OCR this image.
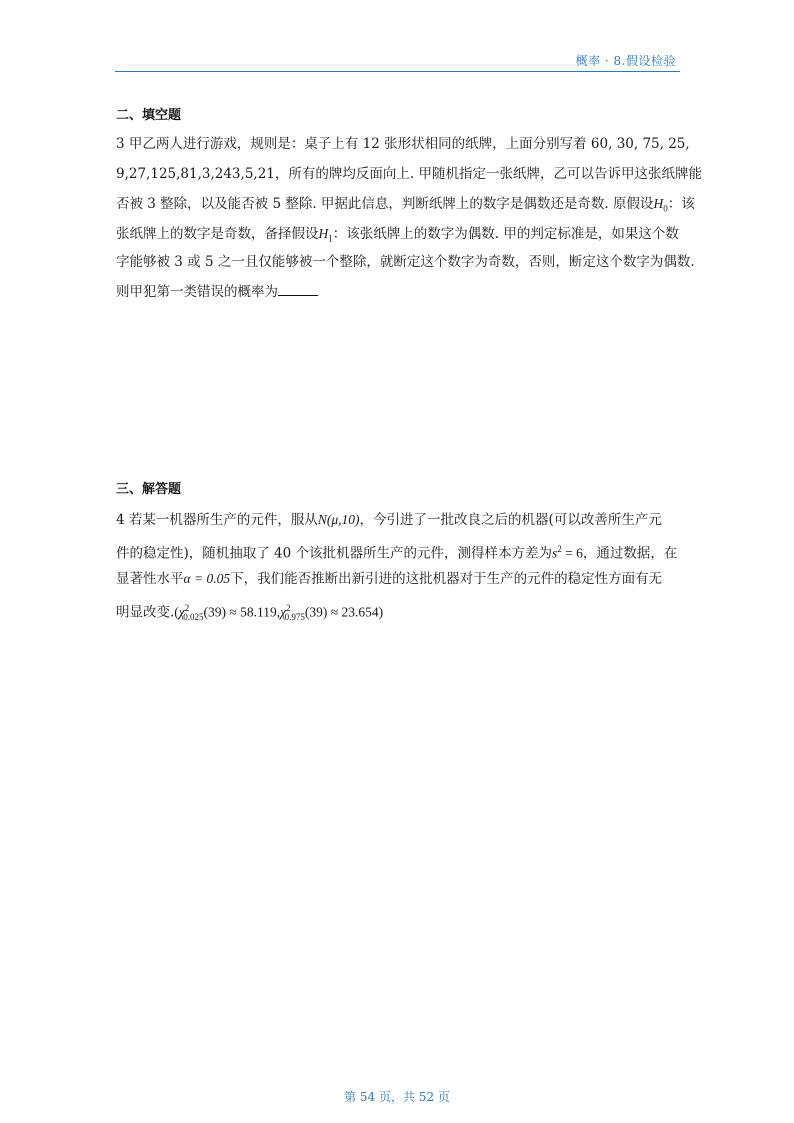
概率 · 8.假设检验
二、填空题
3 甲乙两人进行游戏，规则是：桌子上有 12 张形状相同的纸牌，上面分别写着 60, 30, 75, 25,
9,27,125,81,3,243,5,21，所有的牌均反面向上. 甲随机指定一张纸牌，乙可以告诉甲这张纸牌能
否被 3 整除，以及能否被 5 整除. 甲据此信息，判断纸牌上的数字是偶数还是奇数. 原假设$H_0$：该
张纸牌上的数字是奇数，备择假设$H_1$：该张纸牌上的数字为偶数. 甲的判定标准是，如果这个数
字能够被 3 或 5 之一且仅能够被一个整除，就断定这个数字为奇数，否则，断定这个数字为偶数.
则甲犯第一类错误的概率为
三、解答题
4 若某一机器所生产的元件，服从N(μ,10)，今引进了一批改良之后的机器(可以改善所生产元
件的稳定性)，随机抽取了 40 个该批机器所生产的元件，测得样本方差为$s^2 = 6$，通过数据，在
显著性水平α = 0.05下，我们能否推断出新引进的这批机器对于生产的元件的稳定性方面有无
明显改变$.(\chi^2_{0.025}(39) \approx 58.119,\chi^2_{0.975}(39) \approx 23.654)$
第 54 页，共 52 页
